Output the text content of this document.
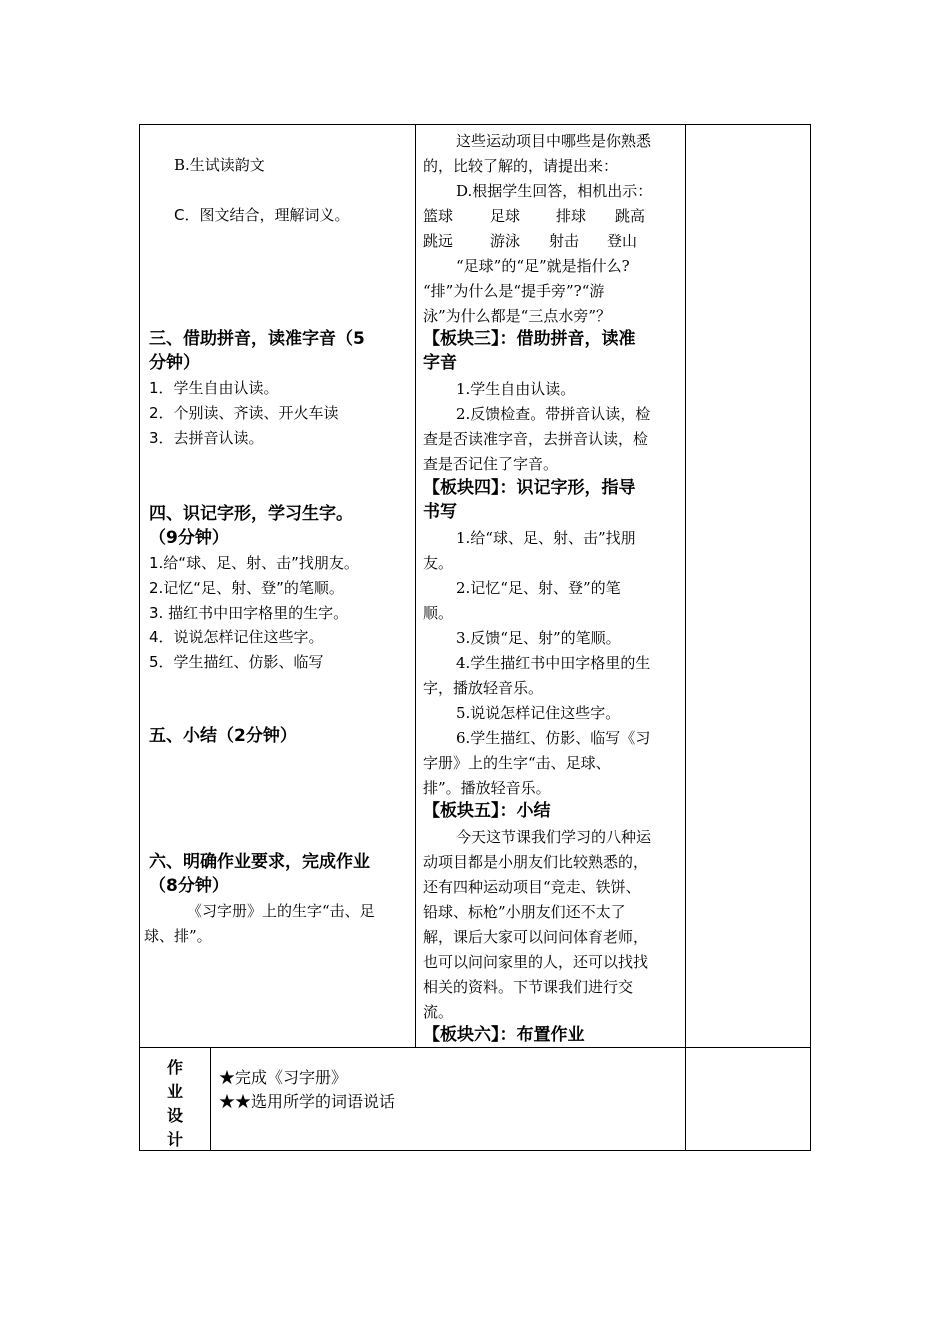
B.生试读韵文
C．图文结合，理解词义。
三、借助拼音，读准字音（5
分钟）
1．学生自由认读。
2．个别读、齐读、开火车读
3．去拼音认读。
四、识记字形，学习生字。
（9分钟）
1.给“球、足、射、击”找朋友。
2.记忆“足、射、登”的笔顺。
3. 描红书中田字格里的生字。
4．说说怎样记住这些字。
5．学生描红、仿影、临写
五、小结（2分钟）
六、明确作业要求，完成作业
（8分钟）
《习字册》上的生字“击、足
球、排”。
这些运动项目中哪些是你熟悉
的，比较了解的，请提出来：
D.根据学生回答，相机出示：
篮球 足球 排球 跳高
跳远 游泳 射击 登山
“足球”的“足”就是指什么?
“排”为什么是“提手旁”?“游
泳”为什么都是“三点水旁”？
【板块三】：借助拼音，读准
字音
1.学生自由认读。
2.反馈检查。带拼音认读，检
查是否读准字音，去拼音认读，检
查是否记住了字音。
【板块四】：识记字形，指导
书写
1.给“球、足、射、击”找朋
友。
2.记忆“足、射、登”的笔
顺。
3.反馈“足、射”的笔顺。
4.学生描红书中田字格里的生
字，播放轻音乐。
5.说说怎样记住这些字。
6.学生描红、仿影、临写《习
字册》上的生字“击、足球、
排”。播放轻音乐。
【板块五】：小结
今天这节课我们学习的八种运
动项目都是小朋友们比较熟悉的，
还有四种运动项目“竞走、铁饼、
铅球、标枪”小朋友们还不太了
解，课后大家可以问问体育老师，
也可以问问家里的人，还可以找找
相关的资料。下节课我们进行交
流。
【板块六】：布置作业
作
业
设
计
★完成《习字册》
★★选用所学的词语说话
